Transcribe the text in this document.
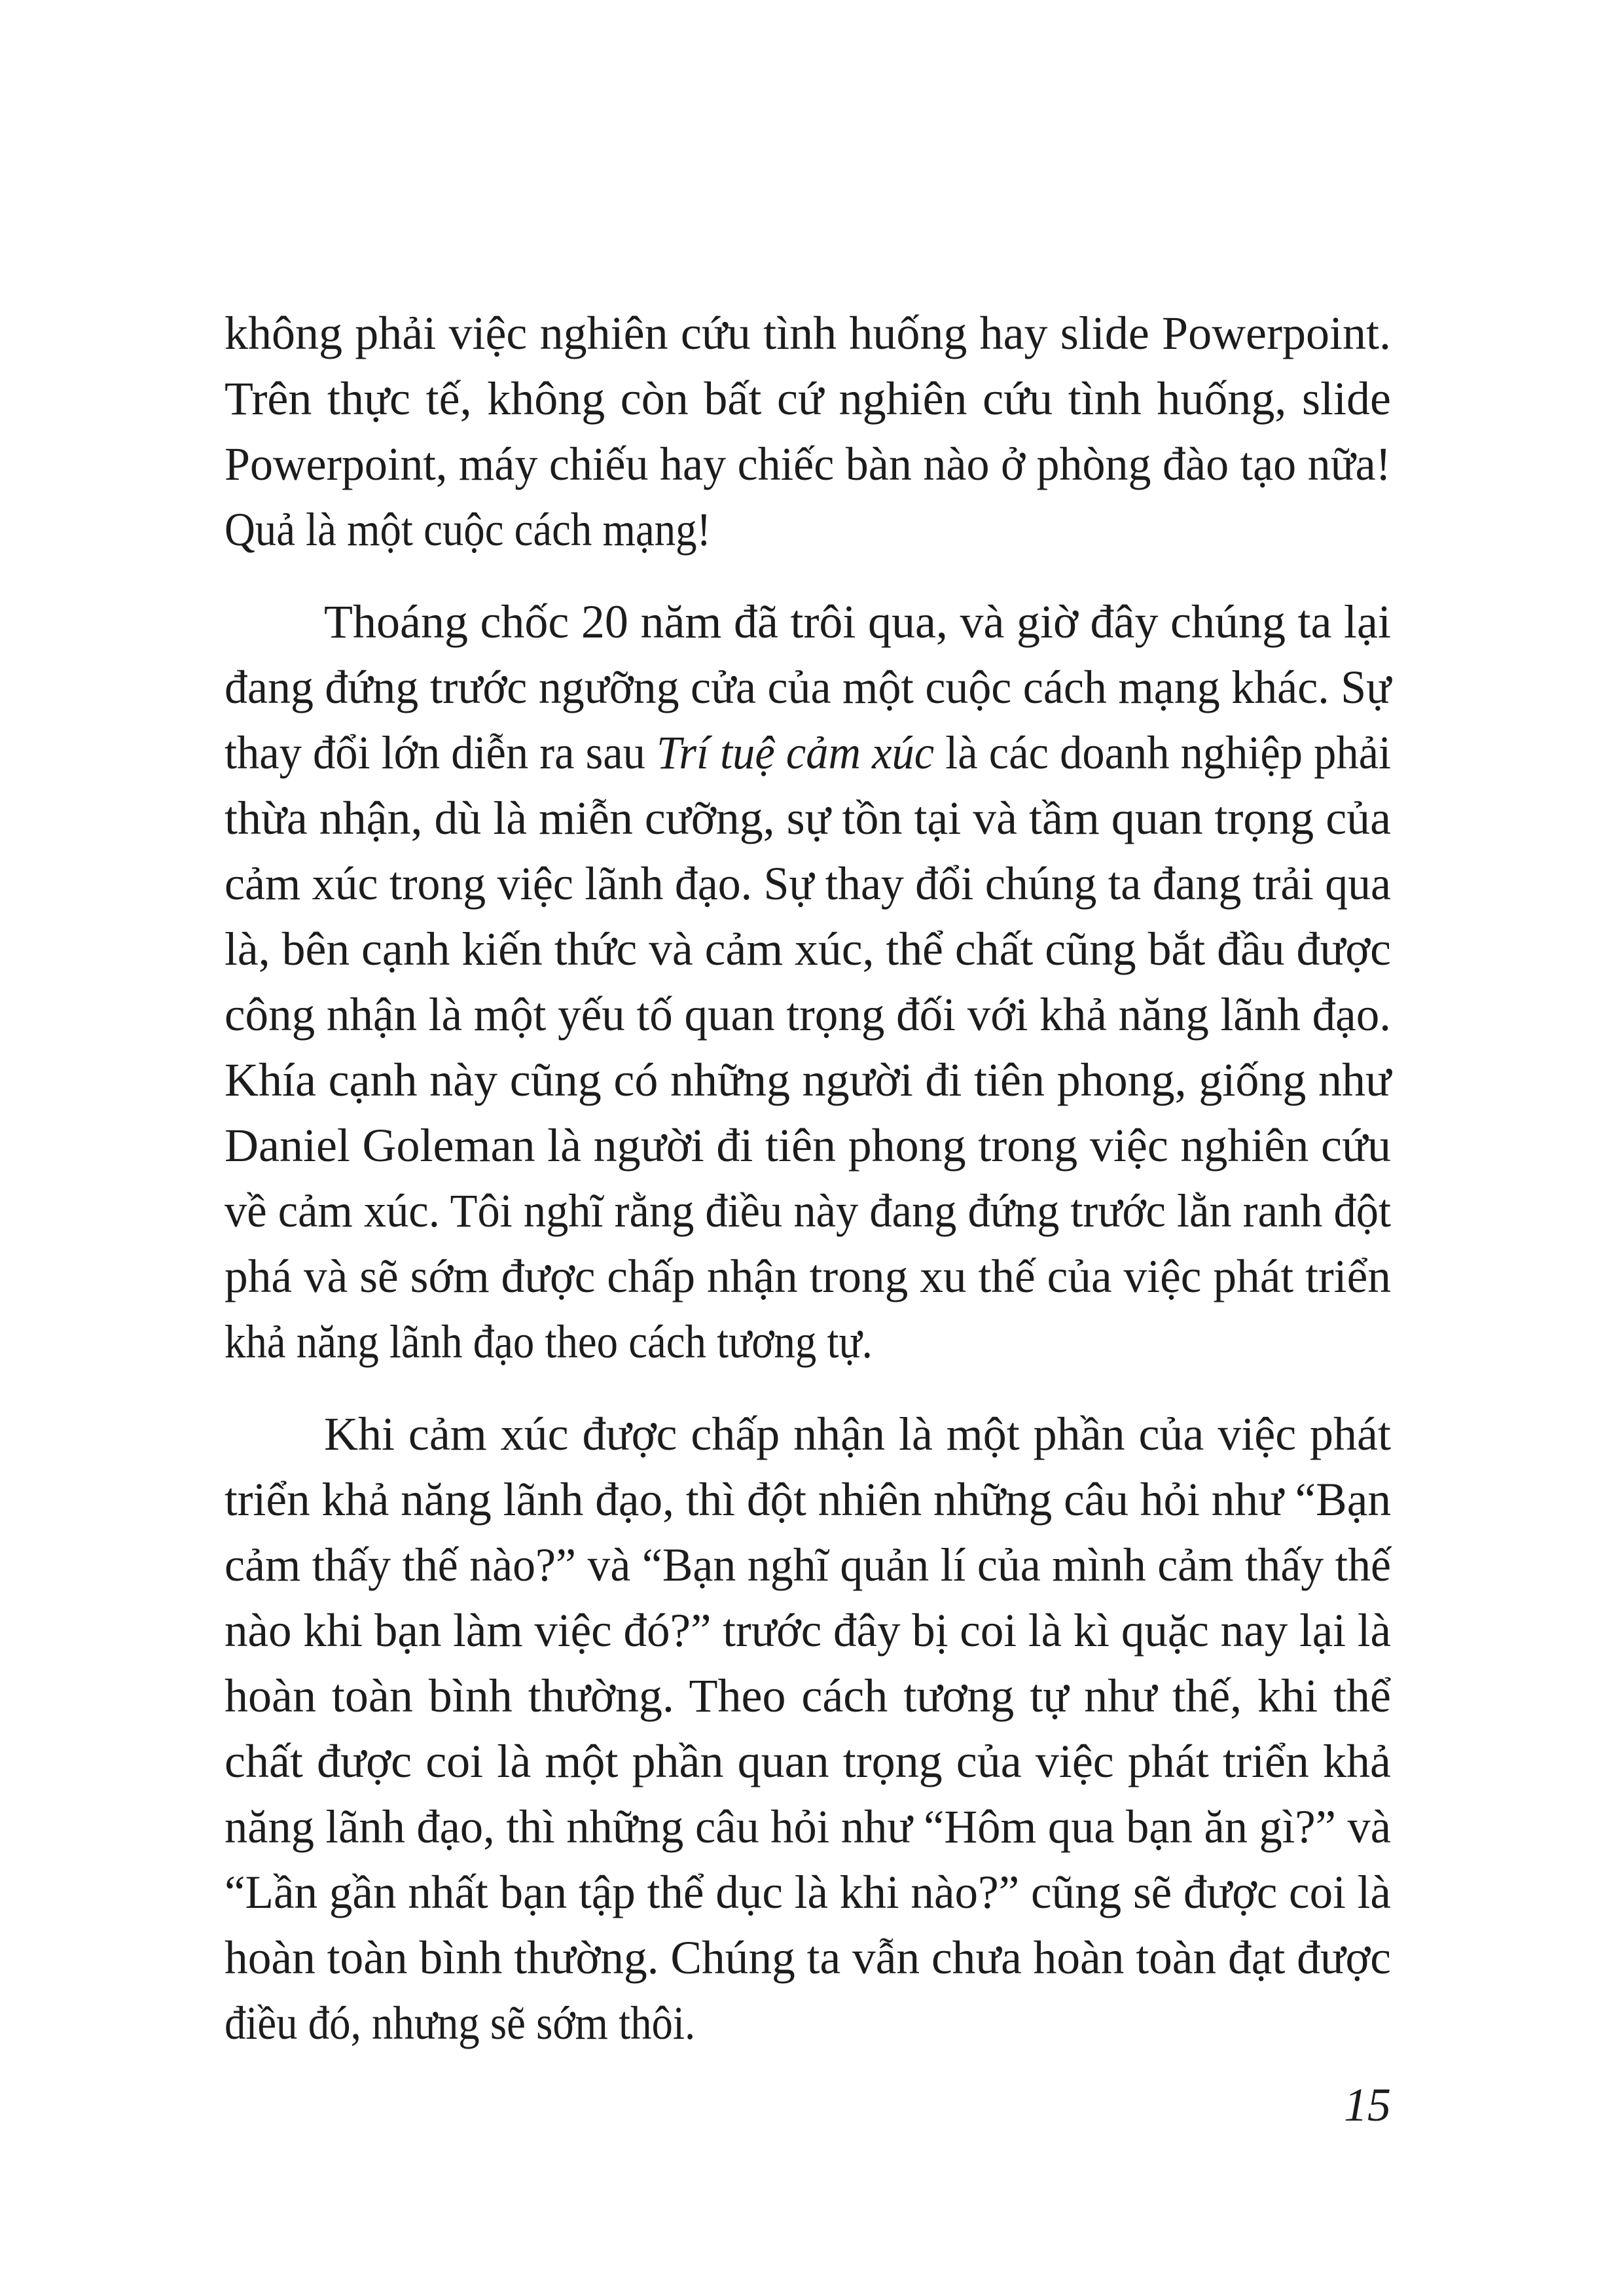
không phải việc nghiên cứu tình huống hay slide Powerpoint.
Trên thực tế, không còn bất cứ nghiên cứu tình huống, slide
Powerpoint, máy chiếu hay chiếc bàn nào ở phòng đào tạo nữa!
Quả là một cuộc cách mạng!
Thoáng chốc 20 năm đã trôi qua, và giờ đây chúng ta lại
đang đứng trước ngưỡng cửa của một cuộc cách mạng khác. Sự
thay đổi lớn diễn ra sau Trí tuệ cảm xúc là các doanh nghiệp phải
thừa nhận, dù là miễn cưỡng, sự tồn tại và tầm quan trọng của
cảm xúc trong việc lãnh đạo. Sự thay đổi chúng ta đang trải qua
là, bên cạnh kiến thức và cảm xúc, thể chất cũng bắt đầu được
công nhận là một yếu tố quan trọng đối với khả năng lãnh đạo.
Khía cạnh này cũng có những người đi tiên phong, giống như
Daniel Goleman là người đi tiên phong trong việc nghiên cứu
về cảm xúc. Tôi nghĩ rằng điều này đang đứng trước lằn ranh đột
phá và sẽ sớm được chấp nhận trong xu thế của việc phát triển
khả năng lãnh đạo theo cách tương tự.
Khi cảm xúc được chấp nhận là một phần của việc phát
triển khả năng lãnh đạo, thì đột nhiên những câu hỏi như “Bạn
cảm thấy thế nào?” và “Bạn nghĩ quản lí của mình cảm thấy thế
nào khi bạn làm việc đó?” trước đây bị coi là kì quặc nay lại là
hoàn toàn bình thường. Theo cách tương tự như thế, khi thể
chất được coi là một phần quan trọng của việc phát triển khả
năng lãnh đạo, thì những câu hỏi như “Hôm qua bạn ăn gì?” và
“Lần gần nhất bạn tập thể dục là khi nào?” cũng sẽ được coi là
hoàn toàn bình thường. Chúng ta vẫn chưa hoàn toàn đạt được
điều đó, nhưng sẽ sớm thôi.
15
